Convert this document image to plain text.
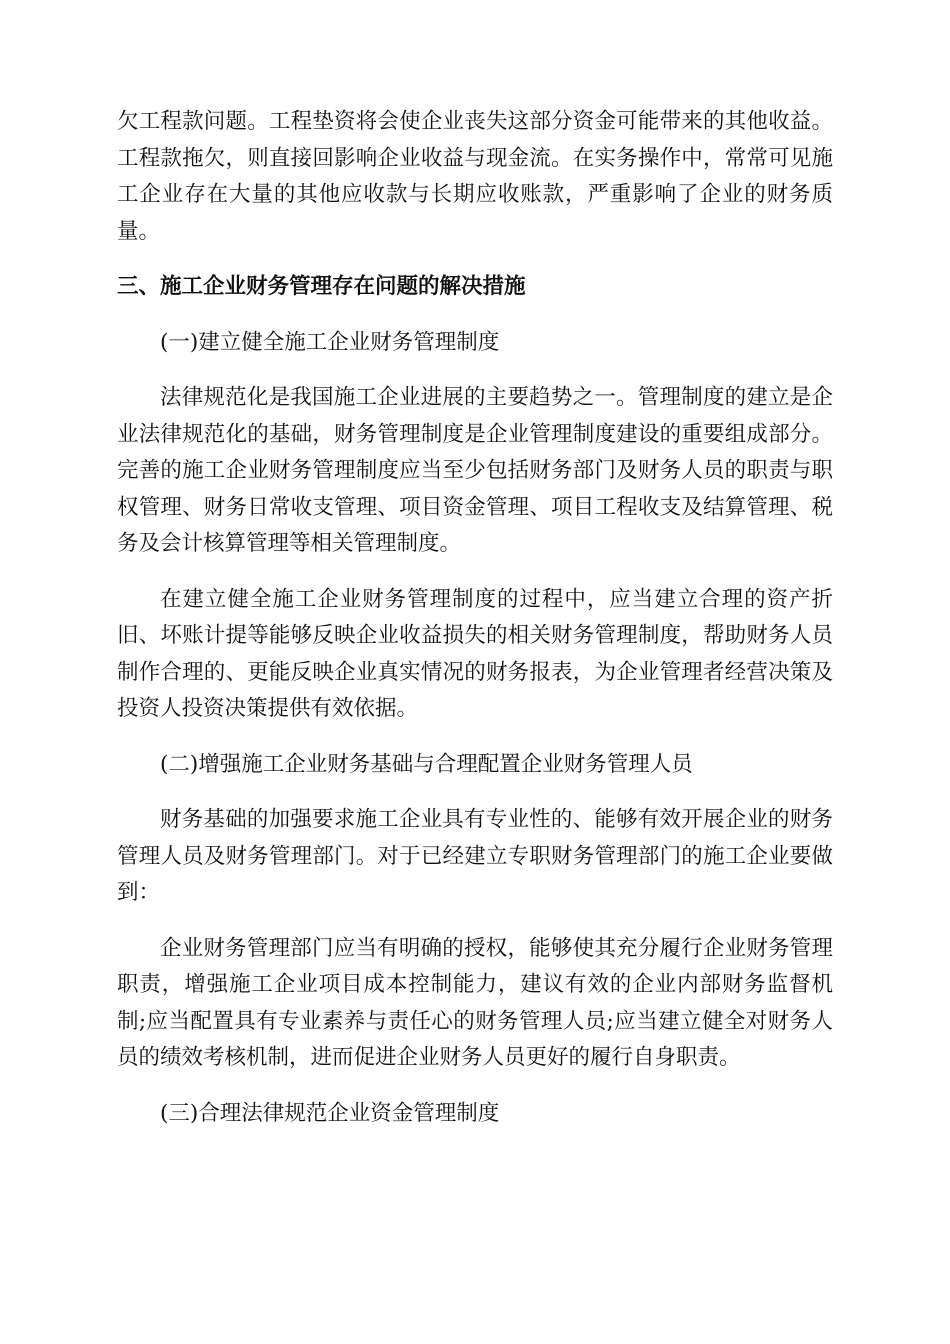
欠工程款问题。工程垫资将会使企业丧失这部分资金可能带来的其他收益。工程款拖欠，则直接回影响企业收益与现金流。在实务操作中，常常可见施工企业存在大量的其他应收款与长期应收账款，严重影响了企业的财务质量。

三、施工企业财务管理存在问题的解决措施

(一)建立健全施工企业财务管理制度

法律规范化是我国施工企业进展的主要趋势之一。管理制度的建立是企业法律规范化的基础，财务管理制度是企业管理制度建设的重要组成部分。完善的施工企业财务管理制度应当至少包括财务部门及财务人员的职责与职权管理、财务日常收支管理、项目资金管理、项目工程收支及结算管理、税务及会计核算管理等相关管理制度。

在建立健全施工企业财务管理制度的过程中，应当建立合理的资产折旧、坏账计提等能够反映企业收益损失的相关财务管理制度，帮助财务人员制作合理的、更能反映企业真实情况的财务报表，为企业管理者经营决策及投资人投资决策提供有效依据。

(二)增强施工企业财务基础与合理配置企业财务管理人员

财务基础的加强要求施工企业具有专业性的、能够有效开展企业的财务管理人员及财务管理部门。对于已经建立专职财务管理部门的施工企业要做到：

企业财务管理部门应当有明确的授权，能够使其充分履行企业财务管理职责，增强施工企业项目成本控制能力，建议有效的企业内部财务监督机制;应当配置具有专业素养与责任心的财务管理人员;应当建立健全对财务人员的绩效考核机制，进而促进企业财务人员更好的履行自身职责。

(三)合理法律规范企业资金管理制度
